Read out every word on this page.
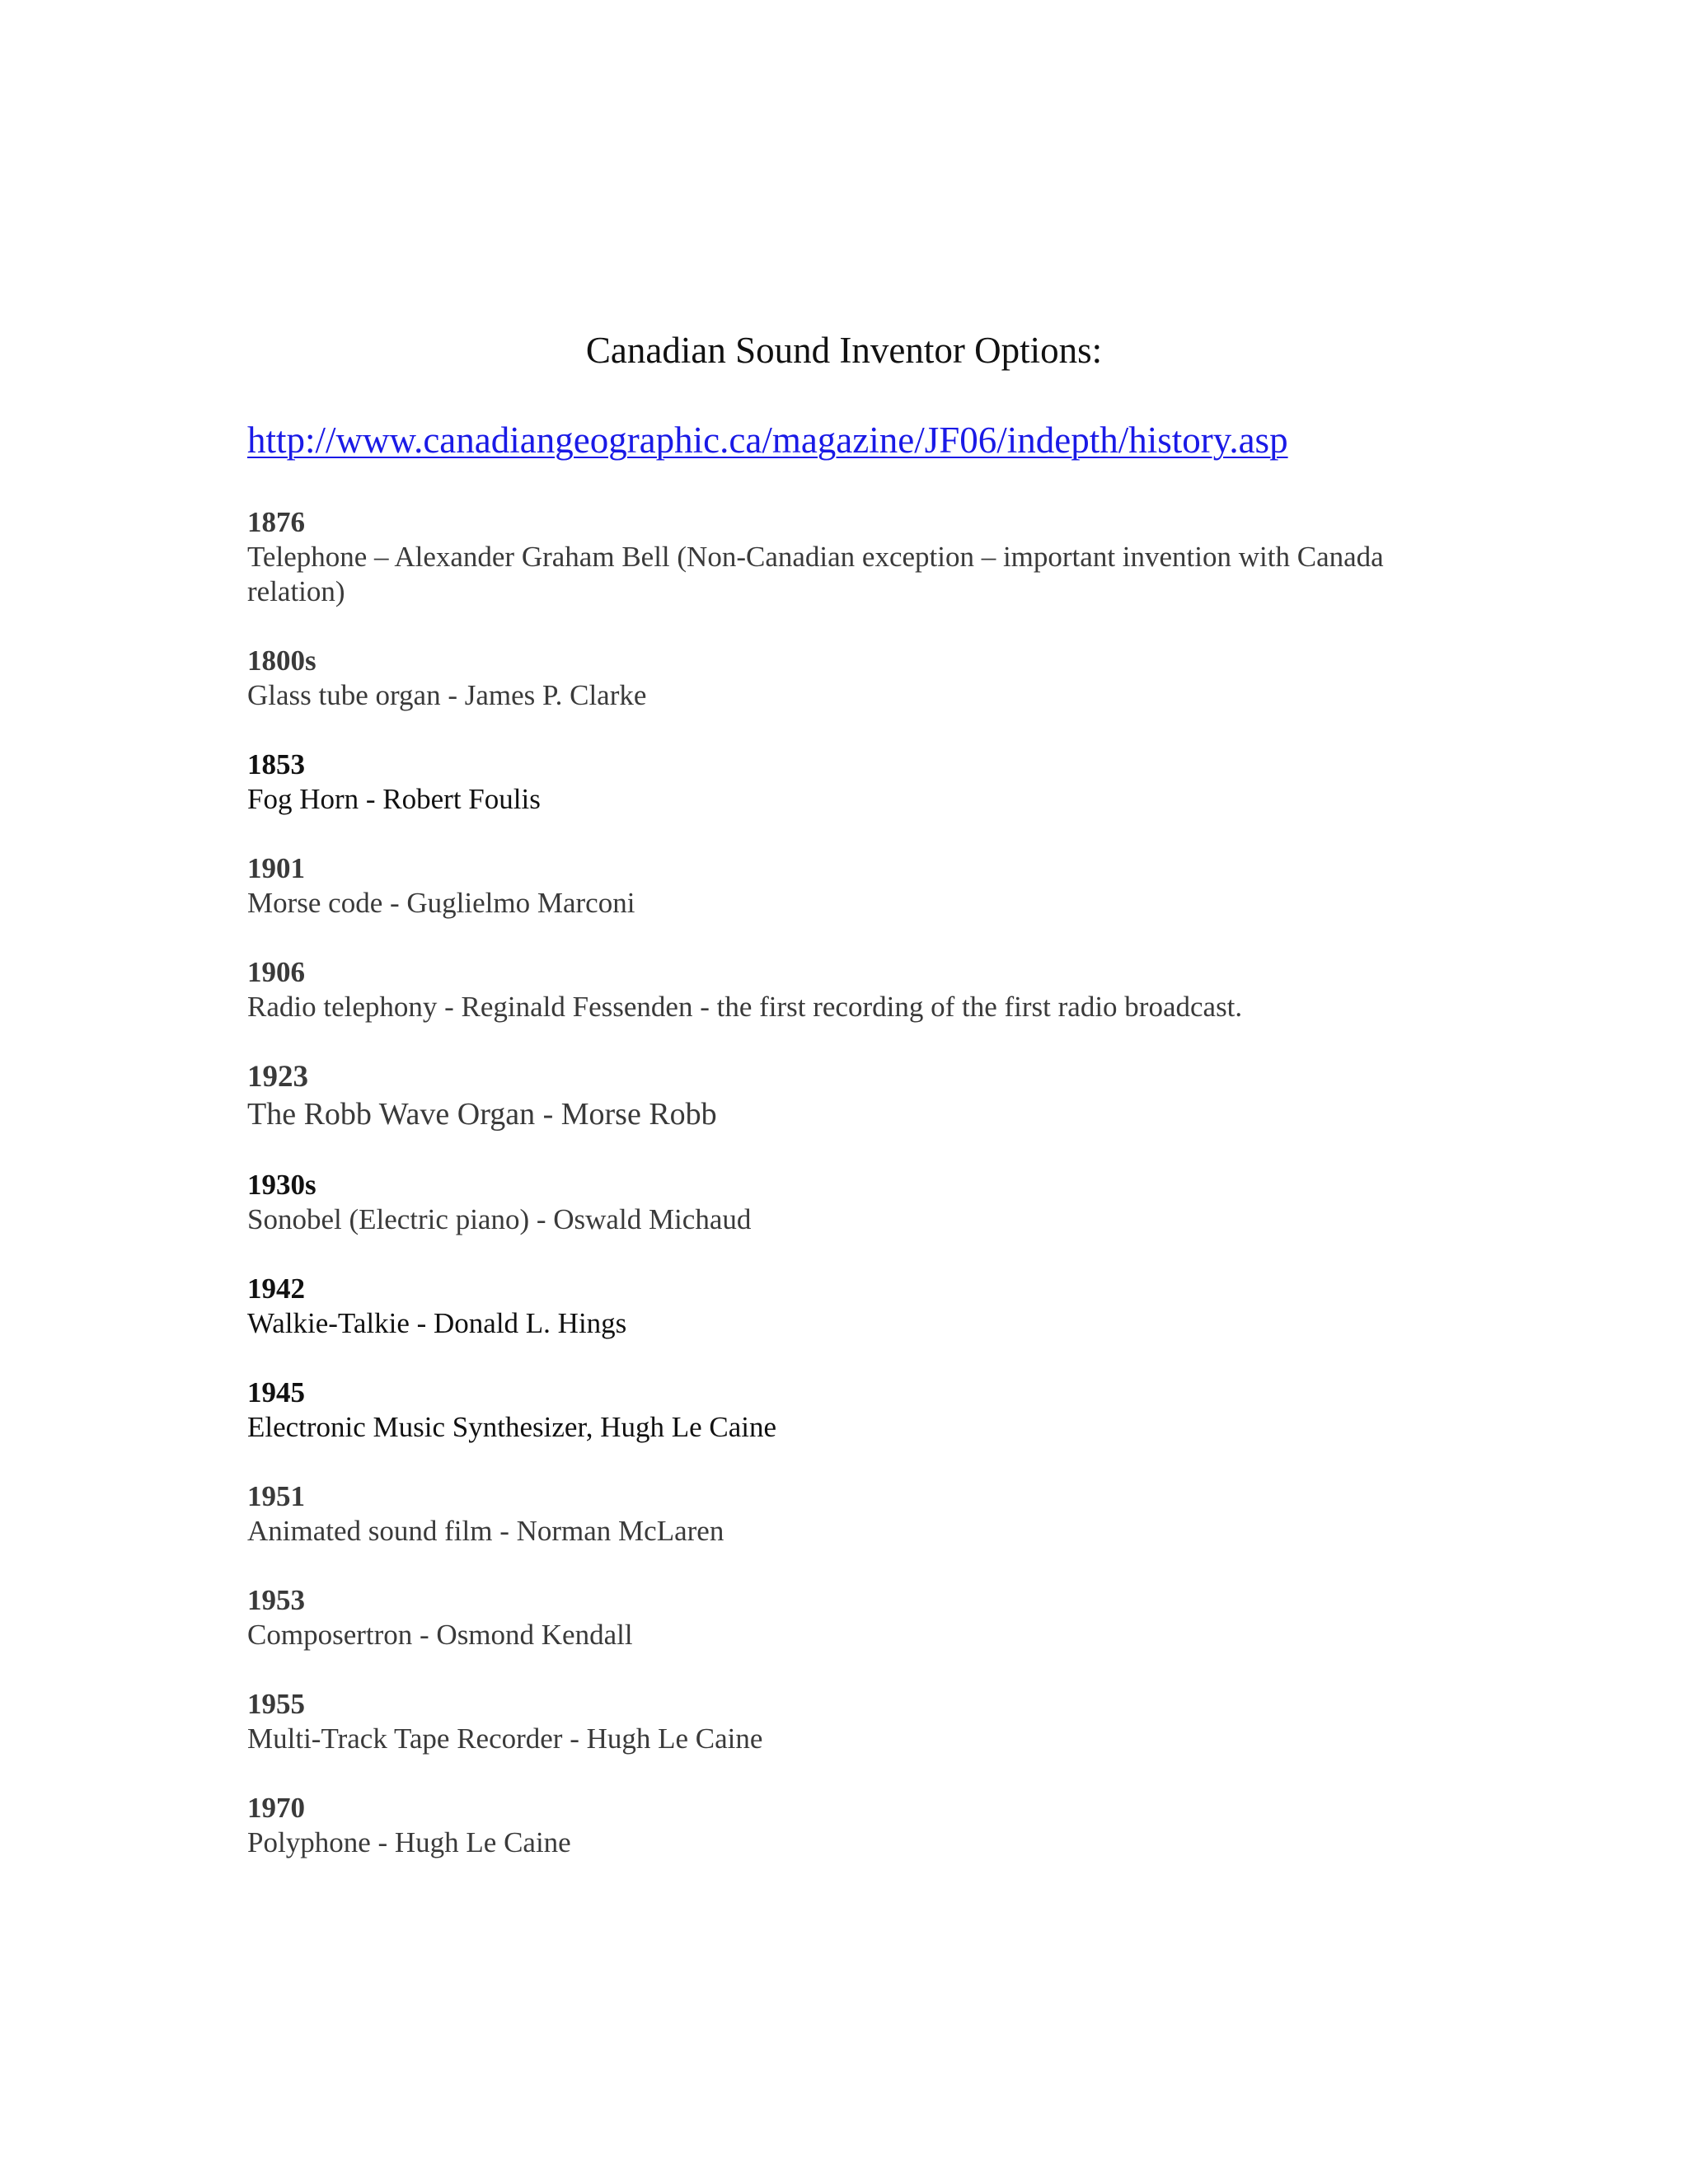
Canadian Sound Inventor Options:
http://www.canadiangeographic.ca/magazine/JF06/indepth/history.asp
1876
Telephone – Alexander Graham Bell (Non-Canadian exception – important invention with Canada relation)
1800s
Glass tube organ - James P. Clarke
1853
Fog Horn - Robert Foulis
1901
Morse code - Guglielmo Marconi
1906
Radio telephony - Reginald Fessenden - the first recording of the first radio broadcast.
1923
The Robb Wave Organ - Morse Robb
1930s
Sonobel (Electric piano) - Oswald Michaud
1942
Walkie-Talkie - Donald L. Hings
1945
Electronic Music Synthesizer, Hugh Le Caine
1951
Animated sound film - Norman McLaren
1953
Composertron - Osmond Kendall
1955
Multi-Track Tape Recorder - Hugh Le Caine
1970
Polyphone - Hugh Le Caine
